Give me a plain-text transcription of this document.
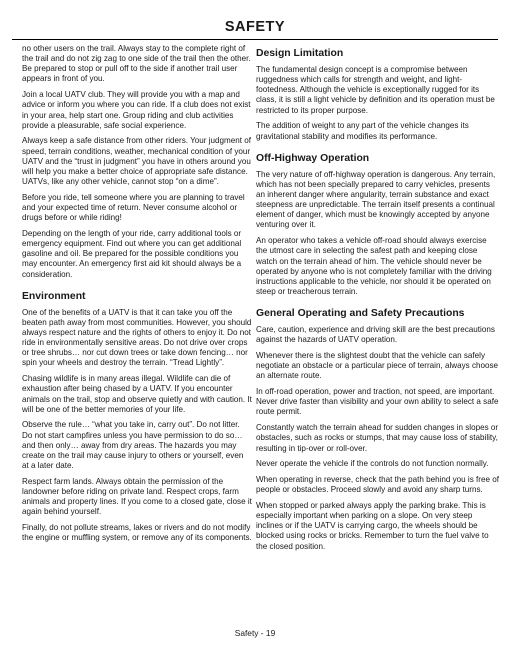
SAFETY

no other users on the trail. Always stay to the complete right of the trail and do not zig zag to one side of the trail then the other. Be prepared to stop or pull off to the side if another trail user appears in front of you.

Join a local UATV club. They will provide you with a map and advice or inform you where you can ride. If a club does not exist in your area, help start one. Group riding and club activities provide a pleasurable, safe social experience.

Always keep a safe distance from other riders. Your judgment of speed, terrain conditions, weather, mechanical condition of your UATV and the “trust in judgment” you have in others around you will help you make a better choice of appropriate safe distance. UATVs, like any other vehicle, cannot stop “on a dime”.

Before you ride, tell someone where you are planning to travel and your expected time of return. Never consume alcohol or drugs before or while riding!

Depending on the length of your ride, carry additional tools or emergency equipment. Find out where you can get additional gasoline and oil. Be prepared for the possible conditions you may encounter. An emergency first aid kit should always be a consideration.

Environment

One of the benefits of a UATV is that it can take you off the beaten path away from most communities. However, you should always respect nature and the rights of others to enjoy it. Do not ride in environmentally sensitive areas. Do not drive over crops or tree shrubs… nor cut down trees or take down fencing… nor spin your wheels and destroy the terrain. “Tread Lightly”.

Chasing wildlife is in many areas illegal. Wildlife can die of exhaustion after being chased by a UATV. If you encounter animals on the trail, stop and observe quietly and with caution. It will be one of the better memories of your life.

Observe the rule… “what you take in, carry out”. Do not litter. Do not start campfires unless you have permission to do so… and then only… away from dry areas. The hazards you may create on the trail may cause injury to others or yourself, even at a later date.

Respect farm lands. Always obtain the permission of the landowner before riding on private land. Respect crops, farm animals and property lines. If you come to a closed gate, close it again behind yourself.

Finally, do not pollute streams, lakes or rivers and do not modify the engine or muffling system, or remove any of its components.

Design Limitation

The fundamental design concept is a compromise between ruggedness which calls for strength and weight, and light-footedness. Although the vehicle is exceptionally rugged for its class, it is still a light vehicle by definition and its operation must be restricted to its proper purpose.

The addition of weight to any part of the vehicle changes its gravitational stability and modifies its performance.

Off-Highway Operation

The very nature of off-highway operation is dangerous. Any terrain, which has not been specially prepared to carry vehicles, presents an inherent danger where angularity, terrain substance and exact steepness are unpredictable. The terrain itself presents a continual element of danger, which must be knowingly accepted by anyone venturing over it.

An operator who takes a vehicle off-road should always exercise the utmost care in selecting the safest path and keeping close watch on the terrain ahead of him. The vehicle should never be operated by anyone who is not completely familiar with the driving instructions applicable to the vehicle, nor should it be operated on steep or treacherous terrain.

General Operating and Safety Precautions

Care, caution, experience and driving skill are the best precautions against the hazards of UATV operation.

Whenever there is the slightest doubt that the vehicle can safely negotiate an obstacle or a particular piece of terrain, always choose an alternate route.

In off-road operation, power and traction, not speed, are important. Never drive faster than visibility and your own ability to select a safe route permit.

Constantly watch the terrain ahead for sudden changes in slopes or obstacles, such as rocks or stumps, that may cause loss of stability, resulting in tip-over or roll-over.

Never operate the vehicle if the controls do not function normally.

When operating in reverse, check that the path behind you is free of people or obstacles. Proceed slowly and avoid any sharp turns.

When stopped or parked always apply the parking brake. This is especially important when parking on a slope. On very steep inclines or if the UATV is carrying cargo, the wheels should be blocked using rocks or bricks. Remember to turn the fuel valve to the closed position.

Safety - 19
